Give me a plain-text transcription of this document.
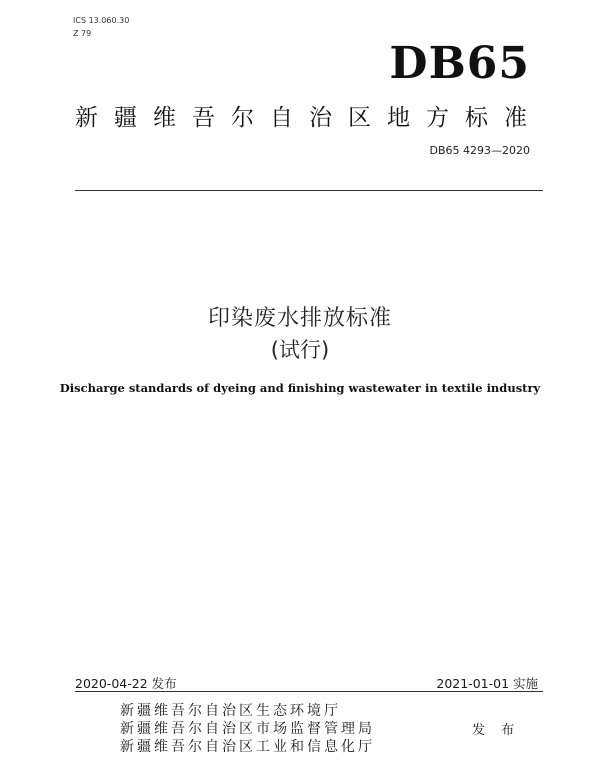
ICS 13.060.30
Z 79
DB65
新 疆 维 吾 尔 自 治 区 地 方 标 准
DB65 4293—2020
印染废水排放标准
(试行)
Discharge standards of dyeing and finishing wastewater in textile industry
2020-04-22 发布	2021-01-01 实施
新疆维吾尔自治区生态环境厅
新疆维吾尔自治区市场监督管理局
新疆维吾尔自治区工业和信息化厅
发 布
